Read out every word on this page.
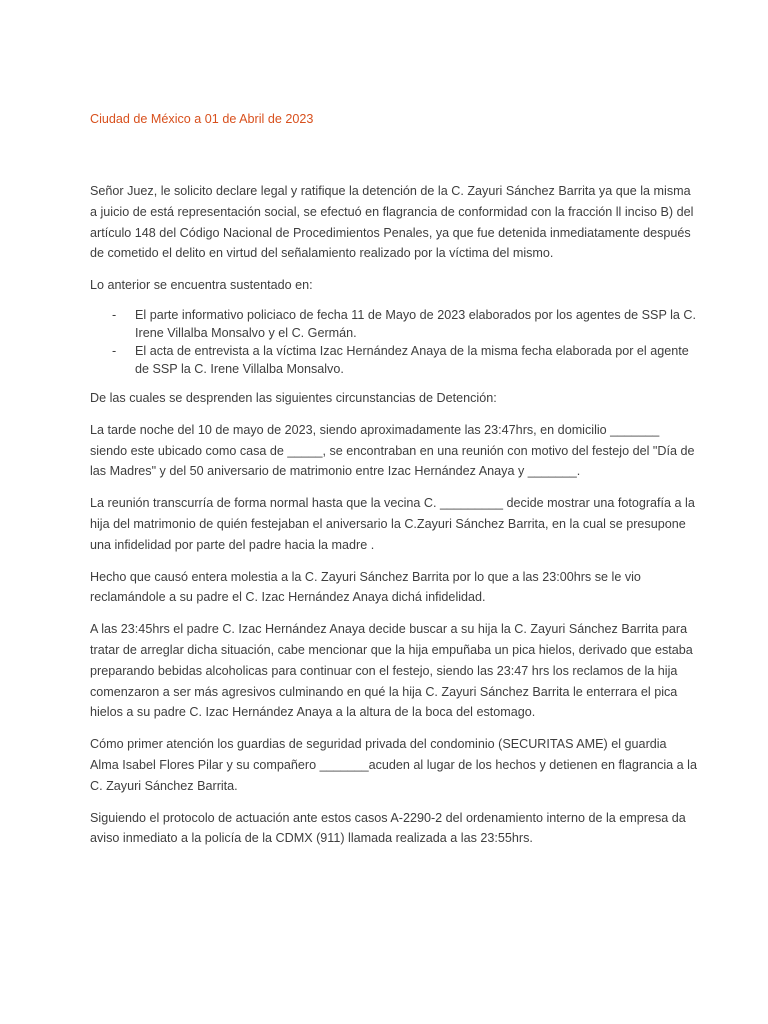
Ciudad de México a 01 de Abril de 2023

Señor Juez, le solicito declare legal y ratifique la detención de la C. Zayuri Sánchez Barrita ya que la misma a juicio de está representación social, se efectuó en flagrancia de conformidad con la fracción ll inciso B) del artículo 148 del Código Nacional de Procedimientos Penales, ya que fue detenida inmediatamente después de cometido el delito en virtud del señalamiento realizado por la víctima del mismo.

Lo anterior se encuentra sustentado en:

- El parte informativo policiaco de fecha 11 de Mayo de 2023 elaborados por los agentes de SSP la C. Irene Villalba Monsalvo y el C. Germán.
- El acta de entrevista a la víctima Izac Hernández Anaya de la misma fecha elaborada por el agente de SSP la C. Irene Villalba Monsalvo.

De las cuales se desprenden las siguientes circunstancias de Detención:

La tarde noche del 10 de mayo de 2023, siendo aproximadamente las 23:47hrs, en domicilio _______ siendo este ubicado como casa de _____, se encontraban en una reunión con motivo del festejo del "Día de las Madres" y del 50 aniversario de matrimonio entre Izac Hernández Anaya y _______.

La reunión transcurría de forma normal hasta que la vecina C. _________ decide mostrar una fotografía a la hija del matrimonio de quién festejaban el aniversario la C.Zayuri Sánchez Barrita, en la cual se presupone una infidelidad por parte del padre hacia la madre .

Hecho que causó entera molestia a la C. Zayuri Sánchez Barrita por lo que a las 23:00hrs se le vio reclamándole a su padre el C. Izac Hernández Anaya dichá infidelidad.

A las 23:45hrs el padre C. Izac Hernández Anaya decide buscar a su hija la C. Zayuri Sánchez Barrita para tratar de arreglar dicha situación, cabe mencionar que la hija empuñaba un pica hielos, derivado que estaba preparando bebidas alcoholicas para continuar con el festejo, siendo las 23:47 hrs los reclamos de la hija comenzaron a ser más agresivos culminando en qué la hija C. Zayuri Sánchez Barrita le enterrara el pica hielos a su padre C. Izac Hernández Anaya a la altura de la boca del estomago.

Cómo primer atención los guardias de seguridad privada del condominio (SECURITAS AME) el guardia Alma Isabel Flores Pilar y su compañero _______acuden al lugar de los hechos y detienen en flagrancia a la C. Zayuri Sánchez Barrita.

Siguiendo el protocolo de actuación ante estos casos A-2290-2 del ordenamiento interno de la empresa da aviso inmediato a la policía de la CDMX (911) llamada realizada a las 23:55hrs.
